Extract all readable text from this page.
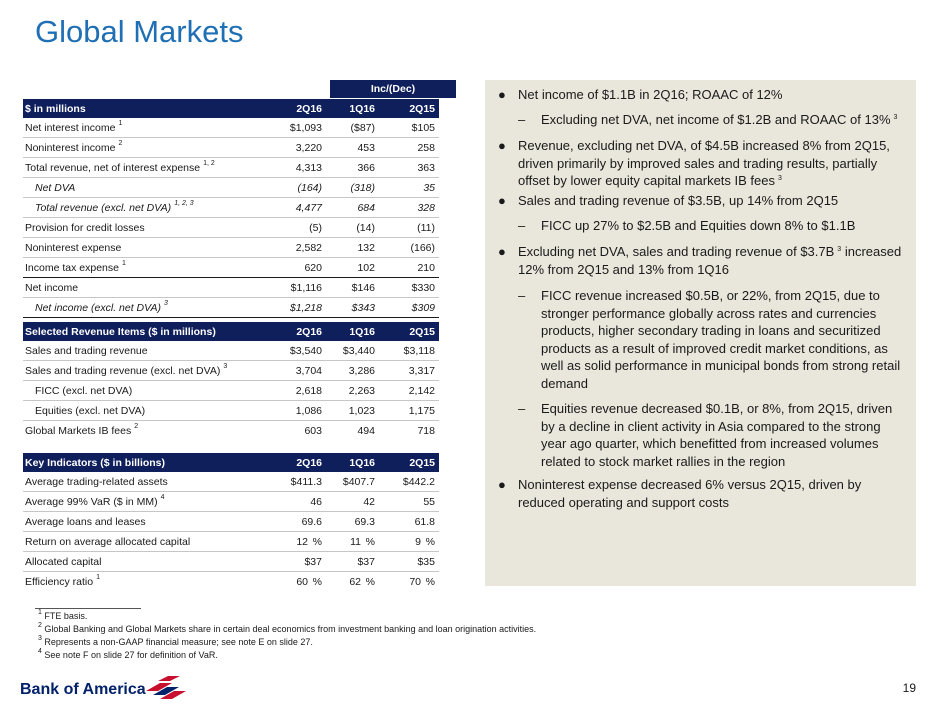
Global Markets
Inc/(Dec)
$ in millions	2Q16	1Q16	2Q15
Net interest income $^1$	$1,093	($87)	$105
Noninterest income $^2$	3,220	453	258
Total revenue, net of interest expense $^{1, 2}$	4,313	366	363
Net DVA	(164)	(318)	35
Total revenue (excl. net DVA) $^{1, 2, 3}$	4,477	684	328
Provision for credit losses	(5)	(14)	(11)
Noninterest expense	2,582	132	(166)
Income tax expense $^1$	620	102	210
Net income	$1,116	$146	$330
Net income (excl. net DVA) $^3$	$1,218	$343	$309
Selected Revenue Items ($ in millions)	2Q16	1Q16	2Q15
Sales and trading revenue	$3,540	$3,440	$3,118
Sales and trading revenue (excl. net DVA) $^3$	3,704	3,286	3,317
FICC (excl. net DVA)	2,618	2,263	2,142
Equities (excl. net DVA)	1,086	1,023	1,175
Global Markets IB fees $^2$	603	494	718
Key Indicators ($ in billions)	2Q16	1Q16	2Q15
Average trading-related assets	$411.3	$407.7	$442.2
Average 99% VaR ($ in MM) $^4$	46	42	55
Average loans and leases	69.6	69.3	61.8
Return on average allocated capital	12 %	11 %	9 %
Allocated capital	$37	$37	$35
Efficiency ratio $^1$	60 %	62 %	70 %
● Net income of $1.1B in 2Q16; ROAAC of 12%
– Excluding net DVA, net income of $1.2B and ROAAC of 13% $^3$
● Revenue, excluding net DVA, of $4.5B increased 8% from 2Q15, driven primarily by improved sales and trading results, partially offset by lower equity capital markets IB fees $^3$
● Sales and trading revenue of $3.5B, up 14% from 2Q15
– FICC up 27% to $2.5B and Equities down 8% to $1.1B
● Excluding net DVA, sales and trading revenue of $3.7B $^3$ increased 12% from 2Q15 and 13% from 1Q16
– FICC revenue increased $0.5B, or 22%, from 2Q15, due to stronger performance globally across rates and currencies products, higher secondary trading in loans and securitized products as a result of improved credit market conditions, as well as solid performance in municipal bonds from strong retail demand
– Equities revenue decreased $0.1B, or 8%, from 2Q15, driven by a decline in client activity in Asia compared to the strong year ago quarter, which benefitted from increased volumes related to stock market rallies in the region
● Noninterest expense decreased 6% versus 2Q15, driven by reduced operating and support costs
$^1$ FTE basis.
$^2$ Global Banking and Global Markets share in certain deal economics from investment banking and loan origination activities.
$^3$ Represents a non-GAAP financial measure; see note E on slide 27.
$^4$ See note F on slide 27 for definition of VaR.
Bank of America	19
